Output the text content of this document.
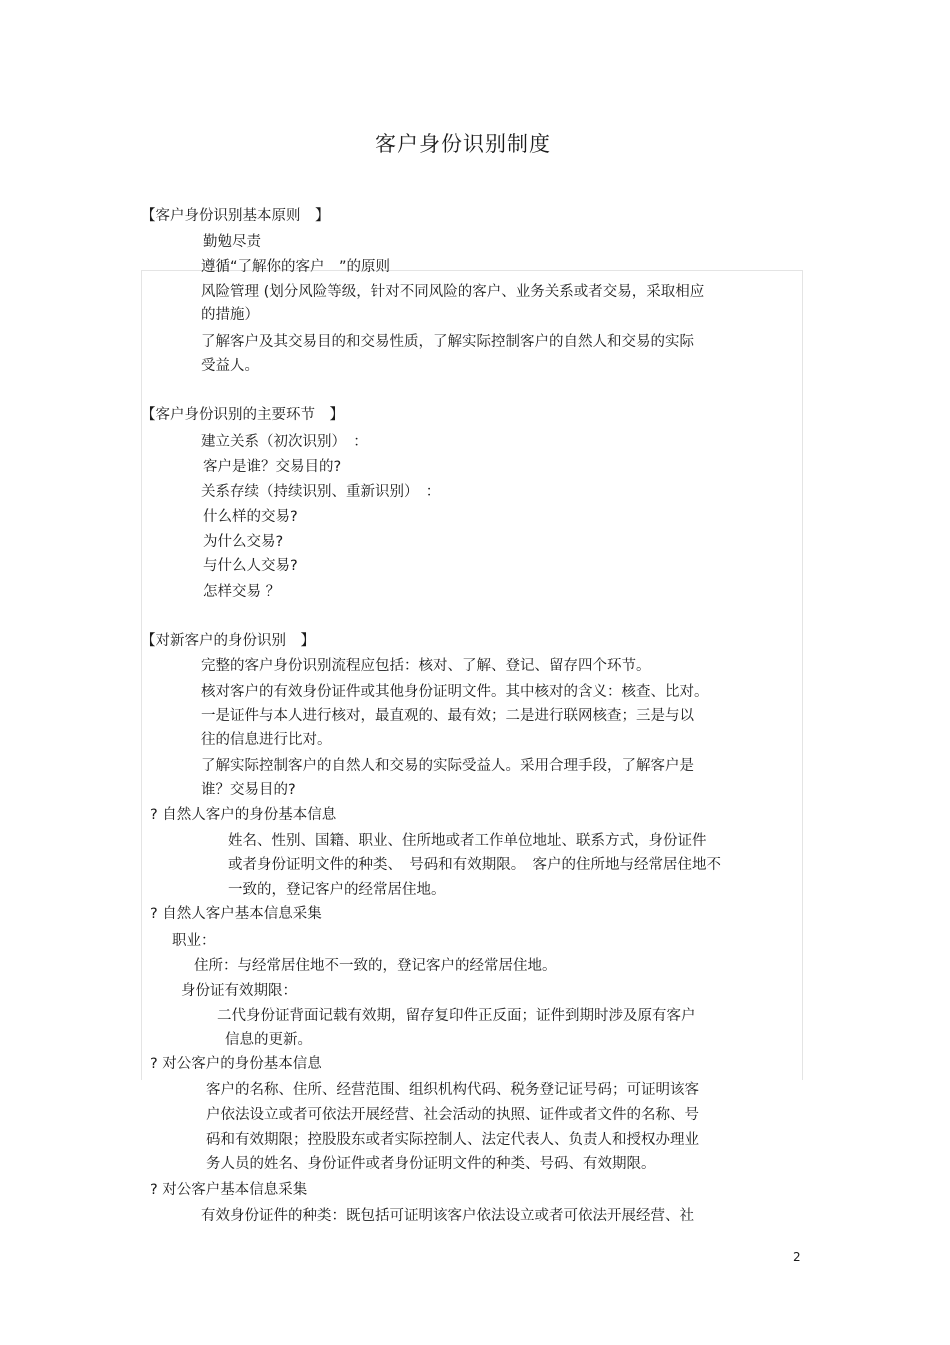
客户身份识别制度
【客户身份识别基本原则　】
勤勉尽责
遵循“了解你的客户　”的原则
风险管理 (划分风险等级，针对不同风险的客户、业务关系或者交易，采取相应
的措施）
了解客户及其交易目的和交易性质，了解实际控制客户的自然人和交易的实际
受益人。
【客户身份识别的主要环节　】
建立关系（初次识别）　：
客户是谁？交易目的?
关系存续（持续识别、重新识别）　：
什么样的交易?
为什么交易?
与什么人交易?
怎样交易 ？
【对新客户的身份识别　】
完整的客户身份识别流程应包括：核对、了解、登记、留存四个环节。
核对客户的有效身份证件或其他身份证明文件。其中核对的含义：核查、比对。
一是证件与本人进行核对，最直观的、最有效；二是进行联网核查；三是与以
往的信息进行比对。
了解实际控制客户的自然人和交易的实际受益人。采用合理手段，了解客户是
谁？交易目的?
? 自然人客户的身份基本信息
姓名、性别、国籍、职业、住所地或者工作单位地址、联系方式，身份证件
或者身份证明文件的种类、　号码和有效期限。　客户的住所地与经常居住地不
一致的，登记客户的经常居住地。
? 自然人客户基本信息采集
职业：
住所：与经常居住地不一致的，登记客户的经常居住地。
身份证有效期限：
二代身份证背面记载有效期，留存复印件正反面；证件到期时涉及原有客户
信息的更新。
? 对公客户的身份基本信息
客户的名称、住所、经营范围、组织机构代码、税务登记证号码；可证明该客
户依法设立或者可依法开展经营、社会活动的执照、证件或者文件的名称、号
码和有效期限；控股股东或者实际控制人、法定代表人、负责人和授权办理业
务人员的姓名、身份证件或者身份证明文件的种类、号码、有效期限。
? 对公客户基本信息采集
有效身份证件的种类：既包括可证明该客户依法设立或者可依法开展经营、社
2
